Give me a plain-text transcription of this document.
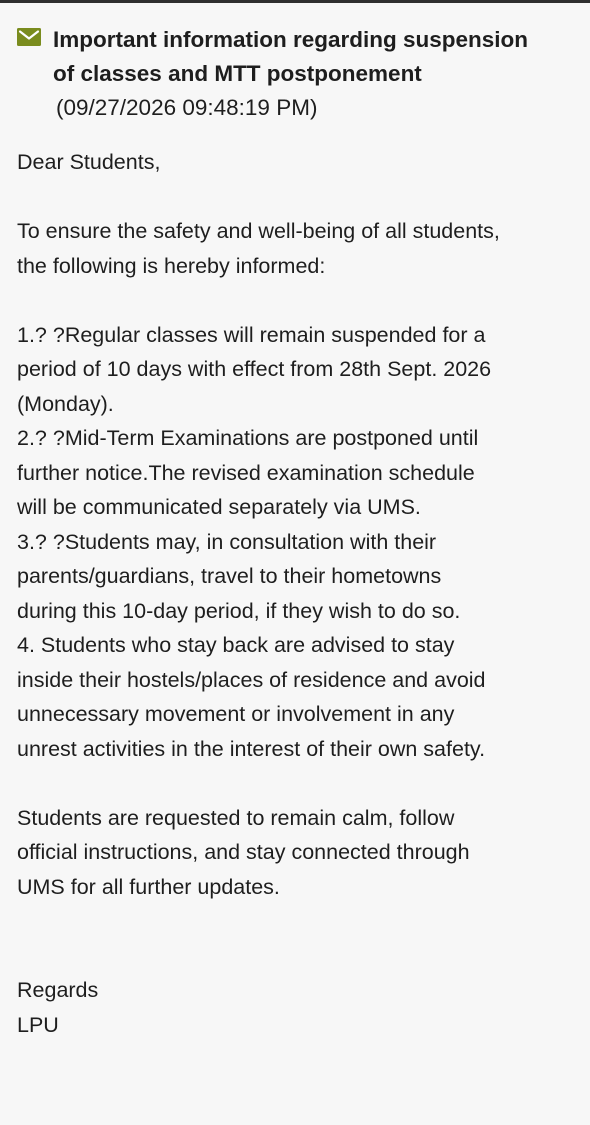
Important information regarding suspension
of classes and MTT postponement
(09/27/2026 09:48:19 PM)
Dear Students,
To ensure the safety and well-being of all students,
the following is hereby informed:
1.? ?Regular classes will remain suspended for a
period of 10 days with effect from 28th Sept. 2026
(Monday).
2.? ?Mid-Term Examinations are postponed until
further notice.The revised examination schedule
will be communicated separately via UMS.
3.? ?Students may, in consultation with their
parents/guardians, travel to their hometowns
during this 10-day period, if they wish to do so.
4. Students who stay back are advised to stay
inside their hostels/places of residence and avoid
unnecessary movement or involvement in any
unrest activities in the interest of their own safety.
Students are requested to remain calm, follow
official instructions, and stay connected through
UMS for all further updates.
Regards
LPU
